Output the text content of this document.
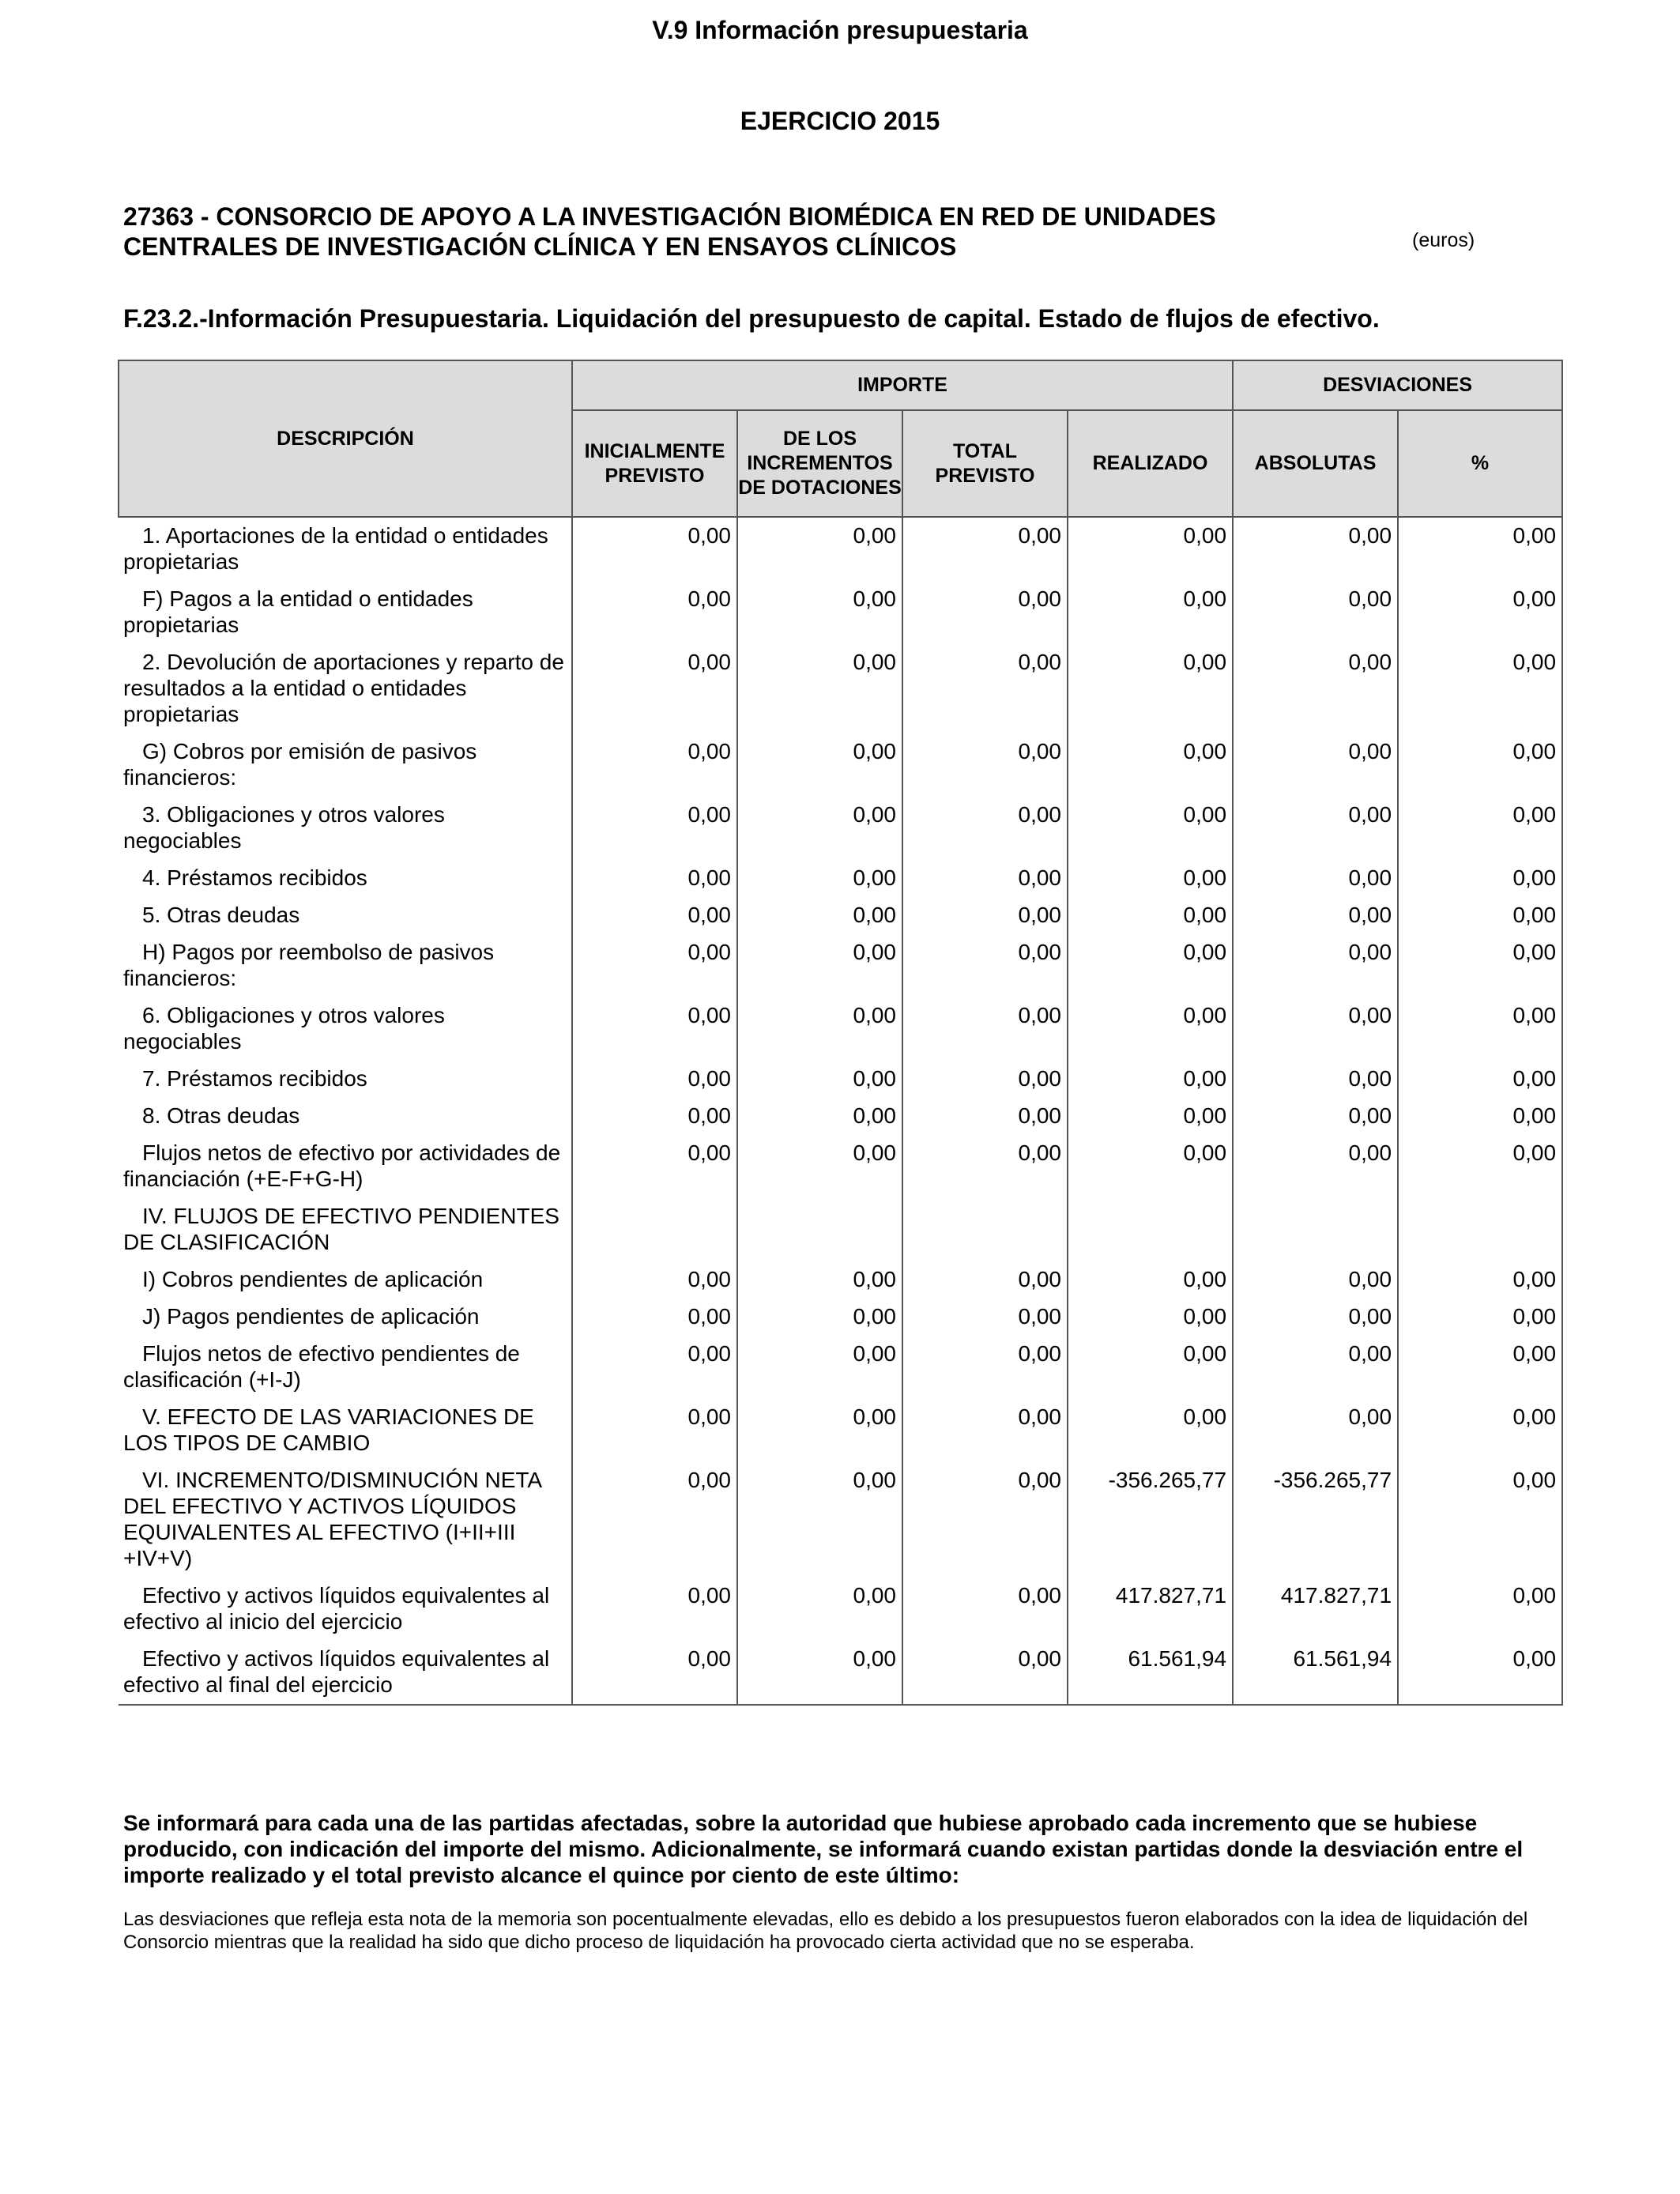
V.9 Información presupuestaria
EJERCICIO 2015
27363 - CONSORCIO DE APOYO A LA INVESTIGACIÓN BIOMÉDICA EN RED DE UNIDADES
CENTRALES DE INVESTIGACIÓN CLÍNICA Y EN ENSAYOS CLÍNICOS	(euros)
F.23.2.-Información Presupuestaria. Liquidación del presupuesto de capital. Estado de flujos de efectivo.
DESCRIPCIÓN	IMPORTE				DESVIACIONES	
	INICIALMENTE PREVISTO	DE LOS INCREMENTOS DE DOTACIONES	TOTAL PREVISTO	REALIZADO	ABSOLUTAS	%
1. Aportaciones de la entidad o entidades propietarias	0,00	0,00	0,00	0,00	0,00	0,00
F) Pagos a la entidad o entidades propietarias	0,00	0,00	0,00	0,00	0,00	0,00
2. Devolución de aportaciones y reparto de resultados a la entidad o entidades propietarias	0,00	0,00	0,00	0,00	0,00	0,00
G) Cobros por emisión de pasivos financieros:	0,00	0,00	0,00	0,00	0,00	0,00
3. Obligaciones y otros valores negociables	0,00	0,00	0,00	0,00	0,00	0,00
4. Préstamos recibidos	0,00	0,00	0,00	0,00	0,00	0,00
5. Otras deudas	0,00	0,00	0,00	0,00	0,00	0,00
H) Pagos por reembolso de pasivos financieros:	0,00	0,00	0,00	0,00	0,00	0,00
6. Obligaciones y otros valores negociables	0,00	0,00	0,00	0,00	0,00	0,00
7. Préstamos recibidos	0,00	0,00	0,00	0,00	0,00	0,00
8. Otras deudas	0,00	0,00	0,00	0,00	0,00	0,00
Flujos netos de efectivo por actividades de financiación (+E-F+G-H)	0,00	0,00	0,00	0,00	0,00	0,00
IV. FLUJOS DE EFECTIVO PENDIENTES DE CLASIFICACIÓN						
I) Cobros pendientes de aplicación	0,00	0,00	0,00	0,00	0,00	0,00
J) Pagos pendientes de aplicación	0,00	0,00	0,00	0,00	0,00	0,00
Flujos netos de efectivo pendientes de clasificación (+I-J)	0,00	0,00	0,00	0,00	0,00	0,00
V. EFECTO DE LAS VARIACIONES DE LOS TIPOS DE CAMBIO	0,00	0,00	0,00	0,00	0,00	0,00
VI. INCREMENTO/DISMINUCIÓN NETA DEL EFECTIVO Y ACTIVOS LÍQUIDOS EQUIVALENTES AL EFECTIVO (I+II+III +IV+V)	0,00	0,00	0,00	-356.265,77	-356.265,77	0,00
Efectivo y activos líquidos equivalentes al efectivo al inicio del ejercicio	0,00	0,00	0,00	417.827,71	417.827,71	0,00
Efectivo y activos líquidos equivalentes al efectivo al final del ejercicio	0,00	0,00	0,00	61.561,94	61.561,94	0,00
Se informará para cada una de las partidas afectadas, sobre la autoridad que hubiese aprobado cada incremento que se hubiese producido, con indicación del importe del mismo. Adicionalmente, se informará cuando existan partidas donde la desviación entre el importe realizado y el total previsto alcance el quince por ciento de este último:
Las desviaciones que refleja esta nota de la memoria son pocentualmente elevadas, ello es debido a los presupuestos fueron elaborados con la idea de liquidación del Consorcio mientras que la realidad ha sido que dicho proceso de liquidación ha provocado cierta actividad que no se esperaba.
